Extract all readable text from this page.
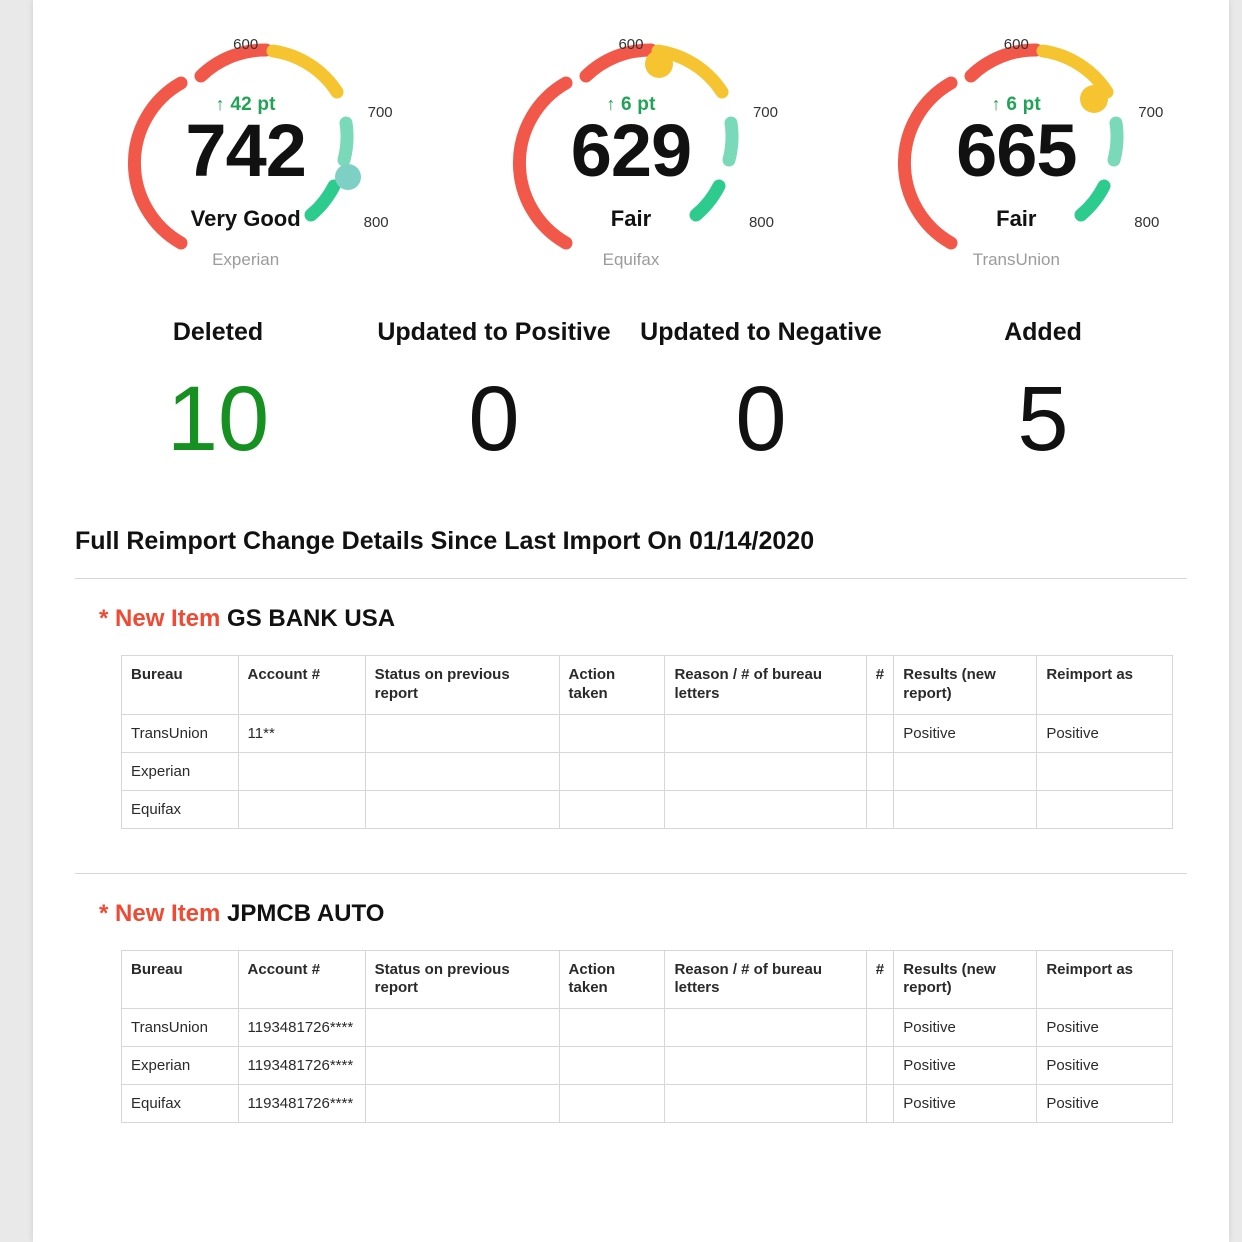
600
700
800
↑ 42 pt
742
Very Good
Experian
600
700
800
↑ 6 pt
629
Fair
Equifax
600
700
800
↑ 6 pt
665
Fair
TransUnion
Deleted	Updated to Positive	Updated to Negative	Added
10	0	0	5
Full Reimport Change Details Since Last Import On 01/14/2020
* New Item GS BANK USA
Bureau	Account #	Status on previous report	Action taken	Reason / # of bureau letters	#	Results (new report)	Reimport as
TransUnion	11**					Positive	Positive
Experian							
Equifax							
* New Item JPMCB AUTO
Bureau	Account #	Status on previous report	Action taken	Reason / # of bureau letters	#	Results (new report)	Reimport as
TransUnion	1193481726****					Positive	Positive
Experian	1193481726****					Positive	Positive
Equifax	1193481726****					Positive	Positive
